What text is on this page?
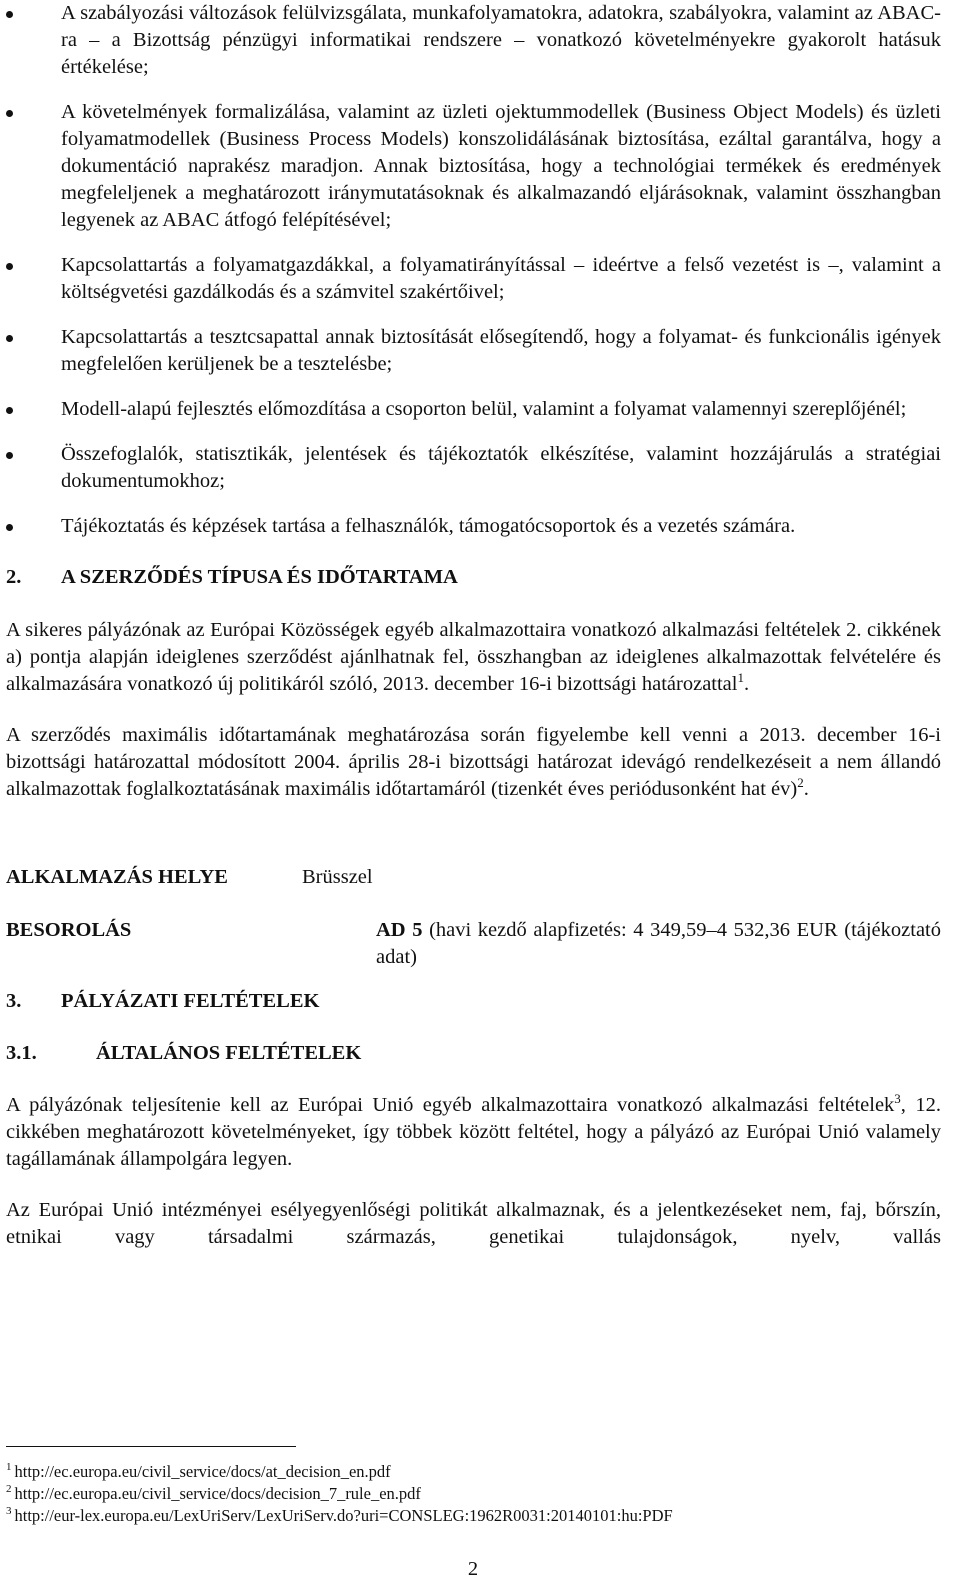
A szabályozási változások felülvizsgálata, munkafolyamatokra, adatokra, szabályokra, valamint az ABAC-ra – a Bizottság pénzügyi informatikai rendszere – vonatkozó követelményekre gyakorolt hatásuk értékelése;
A követelmények formalizálása, valamint az üzleti ojektummodellek (Business Object Models) és üzleti folyamatmodellek (Business Process Models) konszolidálásának biztosítása, ezáltal garantálva, hogy a dokumentáció naprakész maradjon. Annak biztosítása, hogy a technológiai termékek és eredmények megfeleljenek a meghatározott iránymutatásoknak és alkalmazandó eljárásoknak, valamint összhangban legyenek az ABAC átfogó felépítésével;
Kapcsolattartás a folyamatgazdákkal, a folyamatirányítással – ideértve a felső vezetést is –, valamint a költségvetési gazdálkodás és a számvitel szakértőivel;
Kapcsolattartás a tesztcsapattal annak biztosítását elősegítendő, hogy a folyamat- és funkcionális igények megfelelően kerüljenek be a tesztelésbe;
Modell-alapú fejlesztés előmozdítása a csoporton belül, valamint a folyamat valamennyi szereplőjénél;
Összefoglalók, statisztikák, jelentések és tájékoztatók elkészítése, valamint hozzájárulás a stratégiai dokumentumokhoz;
Tájékoztatás és képzések tartása a felhasználók, támogatócsoportok és a vezetés számára.
2. A SZERZŐDÉS TÍPUSA ÉS IDŐTARTAMA

A sikeres pályázónak az Európai Közösségek egyéb alkalmazottaira vonatkozó alkalmazási feltételek 2. cikkének a) pontja alapján ideiglenes szerződést ajánlhatnak fel, összhangban az ideiglenes alkalmazottak felvételére és alkalmazására vonatkozó új politikáról szóló, 2013. december 16-i bizottsági határozattal$^1$.

A szerződés maximális időtartamának meghatározása során figyelembe kell venni a 2013. december 16-i bizottsági határozattal módosított 2004. április 28-i bizottsági határozat idevágó rendelkezéseit a nem állandó alkalmazottak foglalkoztatásának maximális időtartamáról (tizenkét éves periódusonként hat év)$^2$.

ALKALMAZÁS HELYE	Brüsszel
BESOROLÁS	AD 5 (havi kezdő alapfizetés: 4 349,59–4 532,36 EUR (tájékoztató adat)

3. PÁLYÁZATI FELTÉTELEK
3.1.	ÁLTALÁNOS FELTÉTELEK

A pályázónak teljesítenie kell az Európai Unió egyéb alkalmazottaira vonatkozó alkalmazási feltételek$^3$, 12. cikkében meghatározott követelményeket, így többek között feltétel, hogy a pályázó az Európai Unió valamely tagállamának állampolgára legyen.

Az Európai Unió intézményei esélyegyenlőségi politikát alkalmaznak, és a jelentkezéseket nem, faj, bőrszín, etnikai vagy társadalmi származás, genetikai tulajdonságok, nyelv, vallás

$^1$ http://ec.europa.eu/civil_service/docs/at_decision_en.pdf
$^2$ http://ec.europa.eu/civil_service/docs/decision_7_rule_en.pdf
$^3$ http://eur-lex.europa.eu/LexUriServ/LexUriServ.do?uri=CONSLEG:1962R0031:20140101:hu:PDF
2
